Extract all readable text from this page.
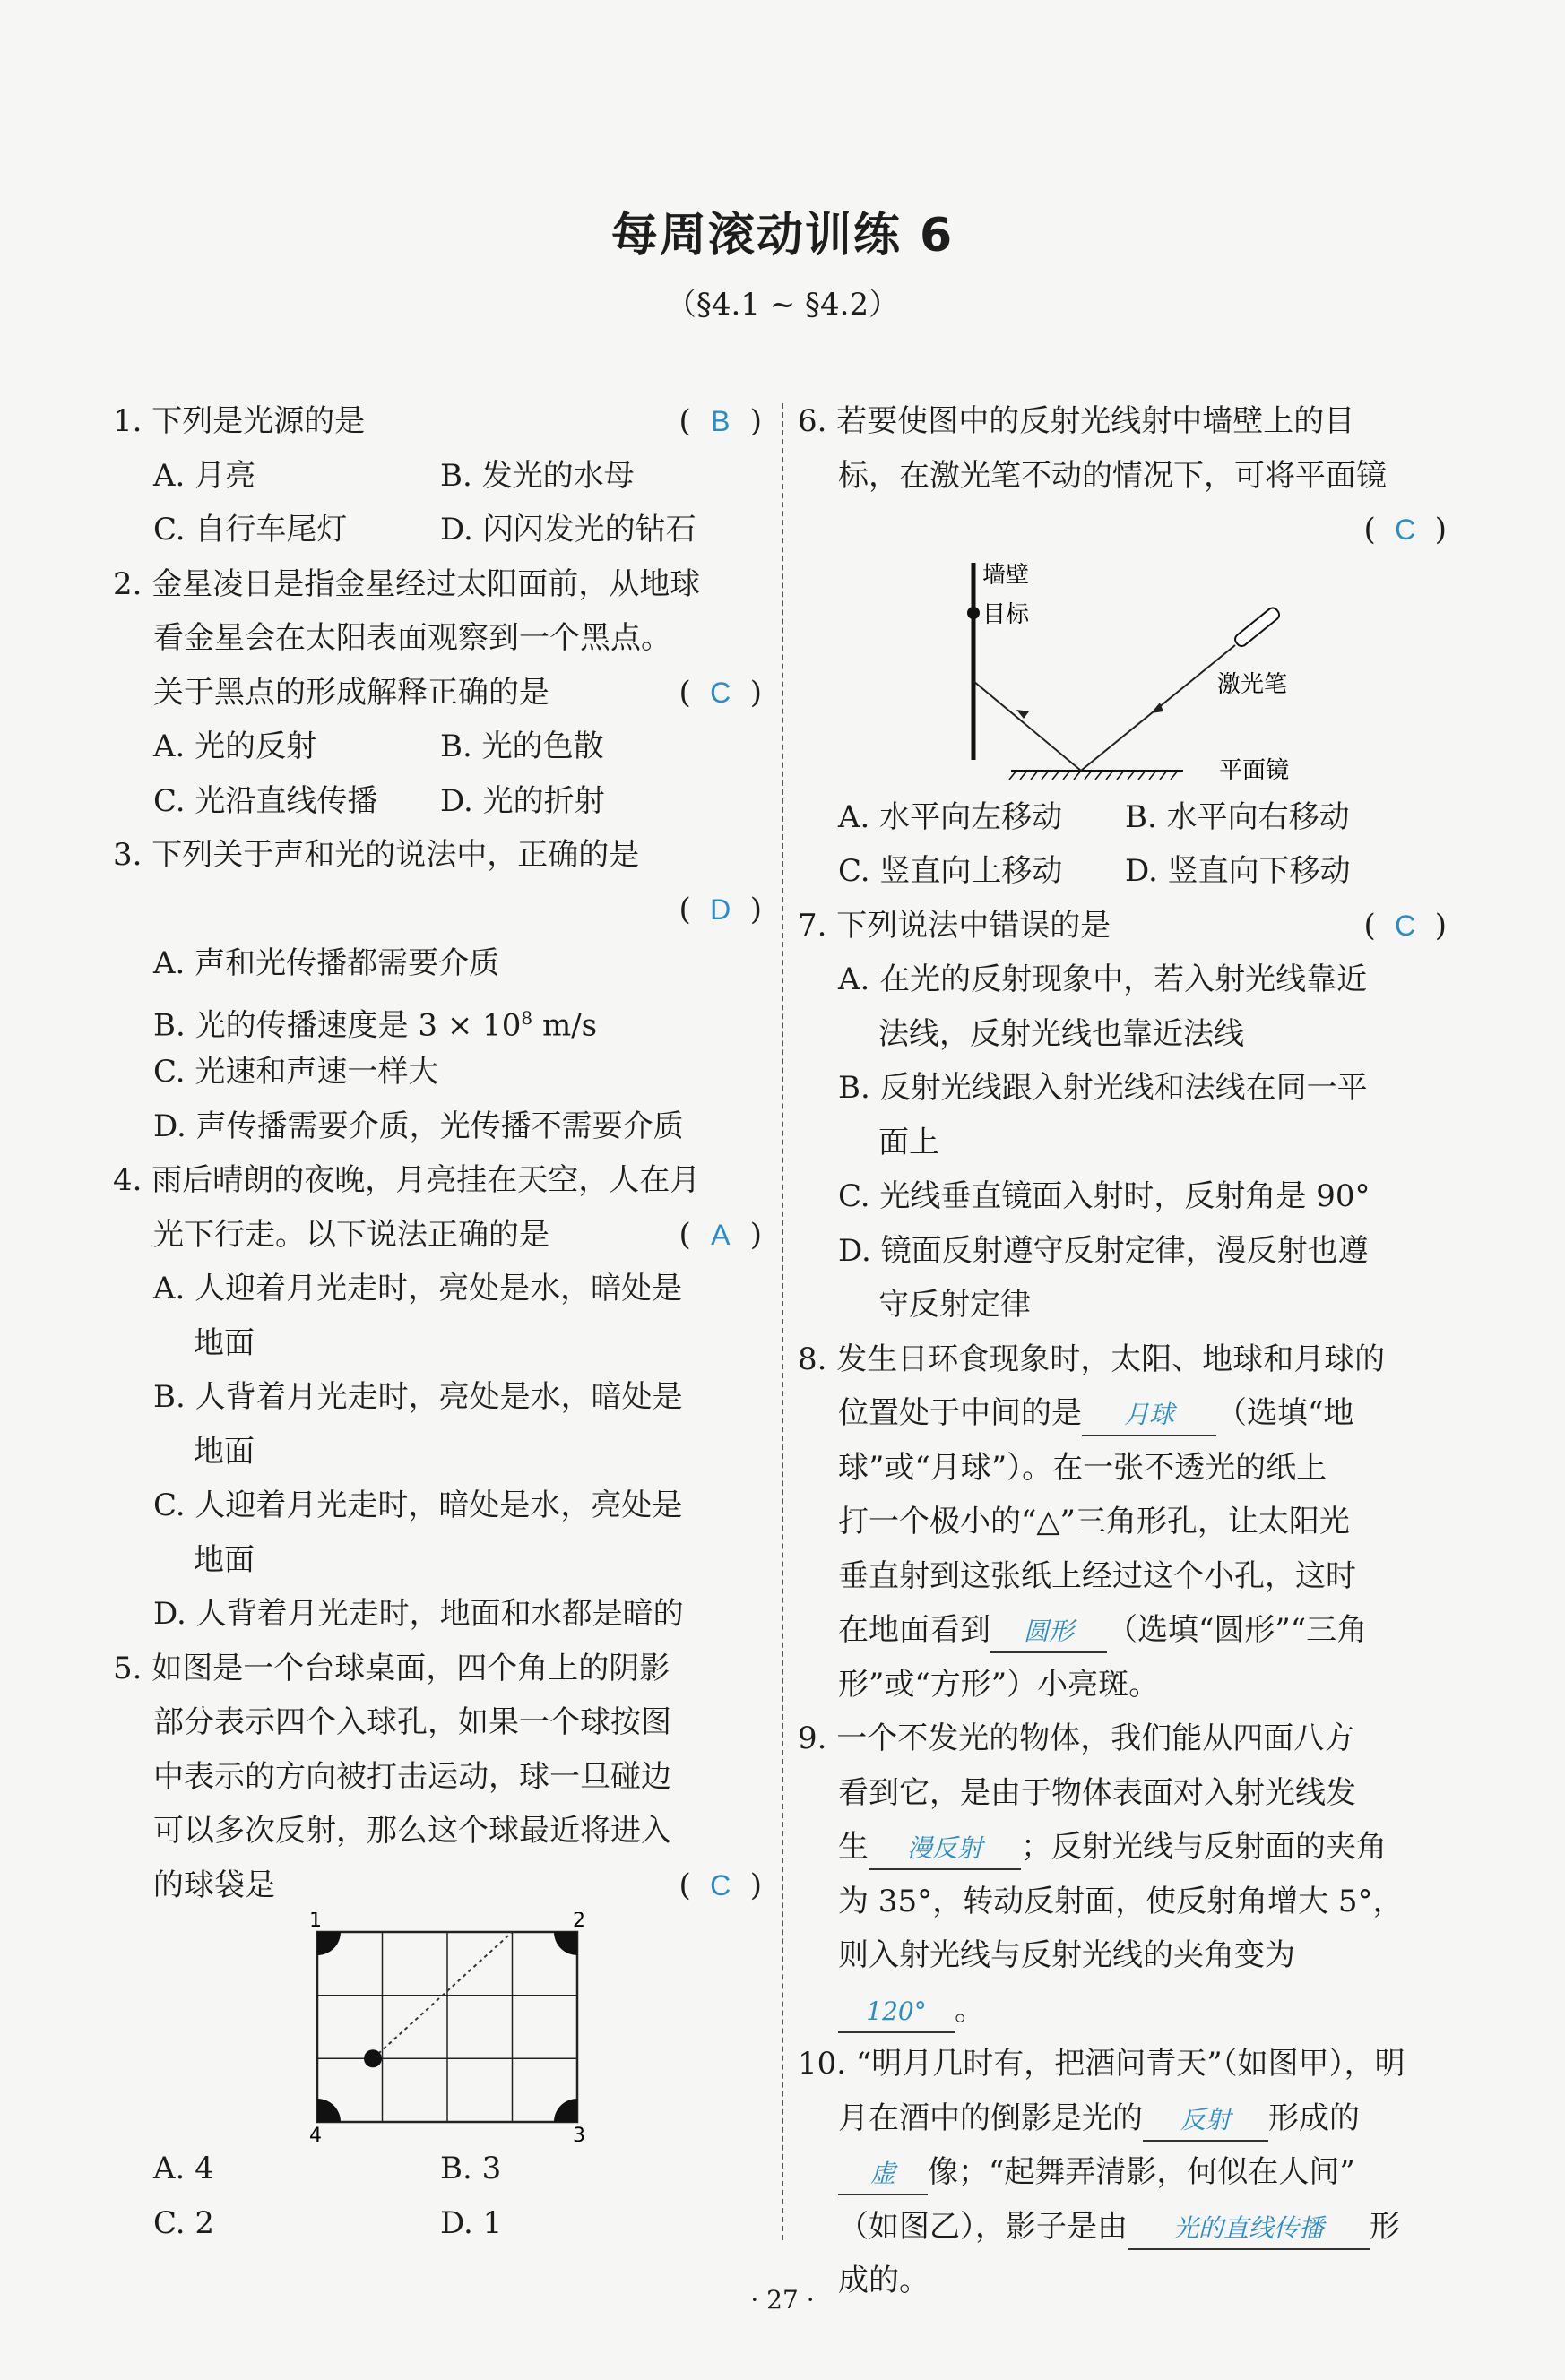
每周滚动训练 6
（§4.1 ~ §4.2）
1. 下列是光源的是	( B )
A. 月亮	B. 发光的水母
C. 自行车尾灯	D. 闪闪发光的钻石
2. 金星凌日是指金星经过太阳面前，从地球
看金星会在太阳表面观察到一个黑点。
关于黑点的形成解释正确的是	( C )
A. 光的反射	B. 光的色散
C. 光沿直线传播 D. 光的折射
3. 下列关于声和光的说法中，正确的是
( D )
A. 声和光传播都需要介质
B. 光的传播速度是 $3 \times 10^8$ m/s
C. 光速和声速一样大
D. 声传播需要介质，光传播不需要介质
4. 雨后晴朗的夜晚，月亮挂在天空，人在月
光下行走。以下说法正确的是	( A )
A. 人迎着月光走时，亮处是水，暗处是
地面
B. 人背着月光走时，亮处是水，暗处是
地面
C. 人迎着月光走时，暗处是水，亮处是
地面
D. 人背着月光走时，地面和水都是暗的
5. 如图是一个台球桌面，四个角上的阴影
部分表示四个入球孔，如果一个球按图
中表示的方向被打击运动，球一旦碰边
可以多次反射，那么这个球最近将进入
的球袋是	( C )
1	2
3
4
A. 4	B. 3
C. 2	D. 1
6. 若要使图中的反射光线射中墙壁上的目
标，在激光笔不动的情况下，可将平面镜
( C )
墙壁
目标
激光笔
平面镜
A. 水平向左移动 B. 水平向右移动
C. 竖直向上移动 D. 竖直向下移动
7. 下列说法中错误的是	( C )
A. 在光的反射现象中，若入射光线靠近
法线，反射光线也靠近法线
B. 反射光线跟入射光线和法线在同一平
面上
C. 光线垂直镜面入射时，反射角是 90°
D. 镜面反射遵守反射定律，漫反射也遵
守反射定律
8. 发生日环食现象时，太阳、地球和月球的
位置处于中间的是 月球 （选填“地
球”或“月球”）。在一张不透光的纸上
打一个极小的“△”三角形孔，让太阳光
垂直射到这张纸上经过这个小孔，这时
在地面看到 圆形 （选填“圆形”“三角
形”或“方形”）小亮斑。
9. 一个不发光的物体，我们能从四面八方
看到它，是由于物体表面对入射光线发
生 漫反射 ；反射光线与反射面的夹角
为 35°，转动反射面，使反射角增大 5°，
则入射光线与反射光线的夹角变为
120° 。
10. “明月几时有，把酒问青天”（如图甲），明
月在酒中的倒影是光的 反射 形成的
虚 像；“起舞弄清影，何似在人间”
（如图乙），影子是由 光的直线传播 形
成的。
· 27 ·
